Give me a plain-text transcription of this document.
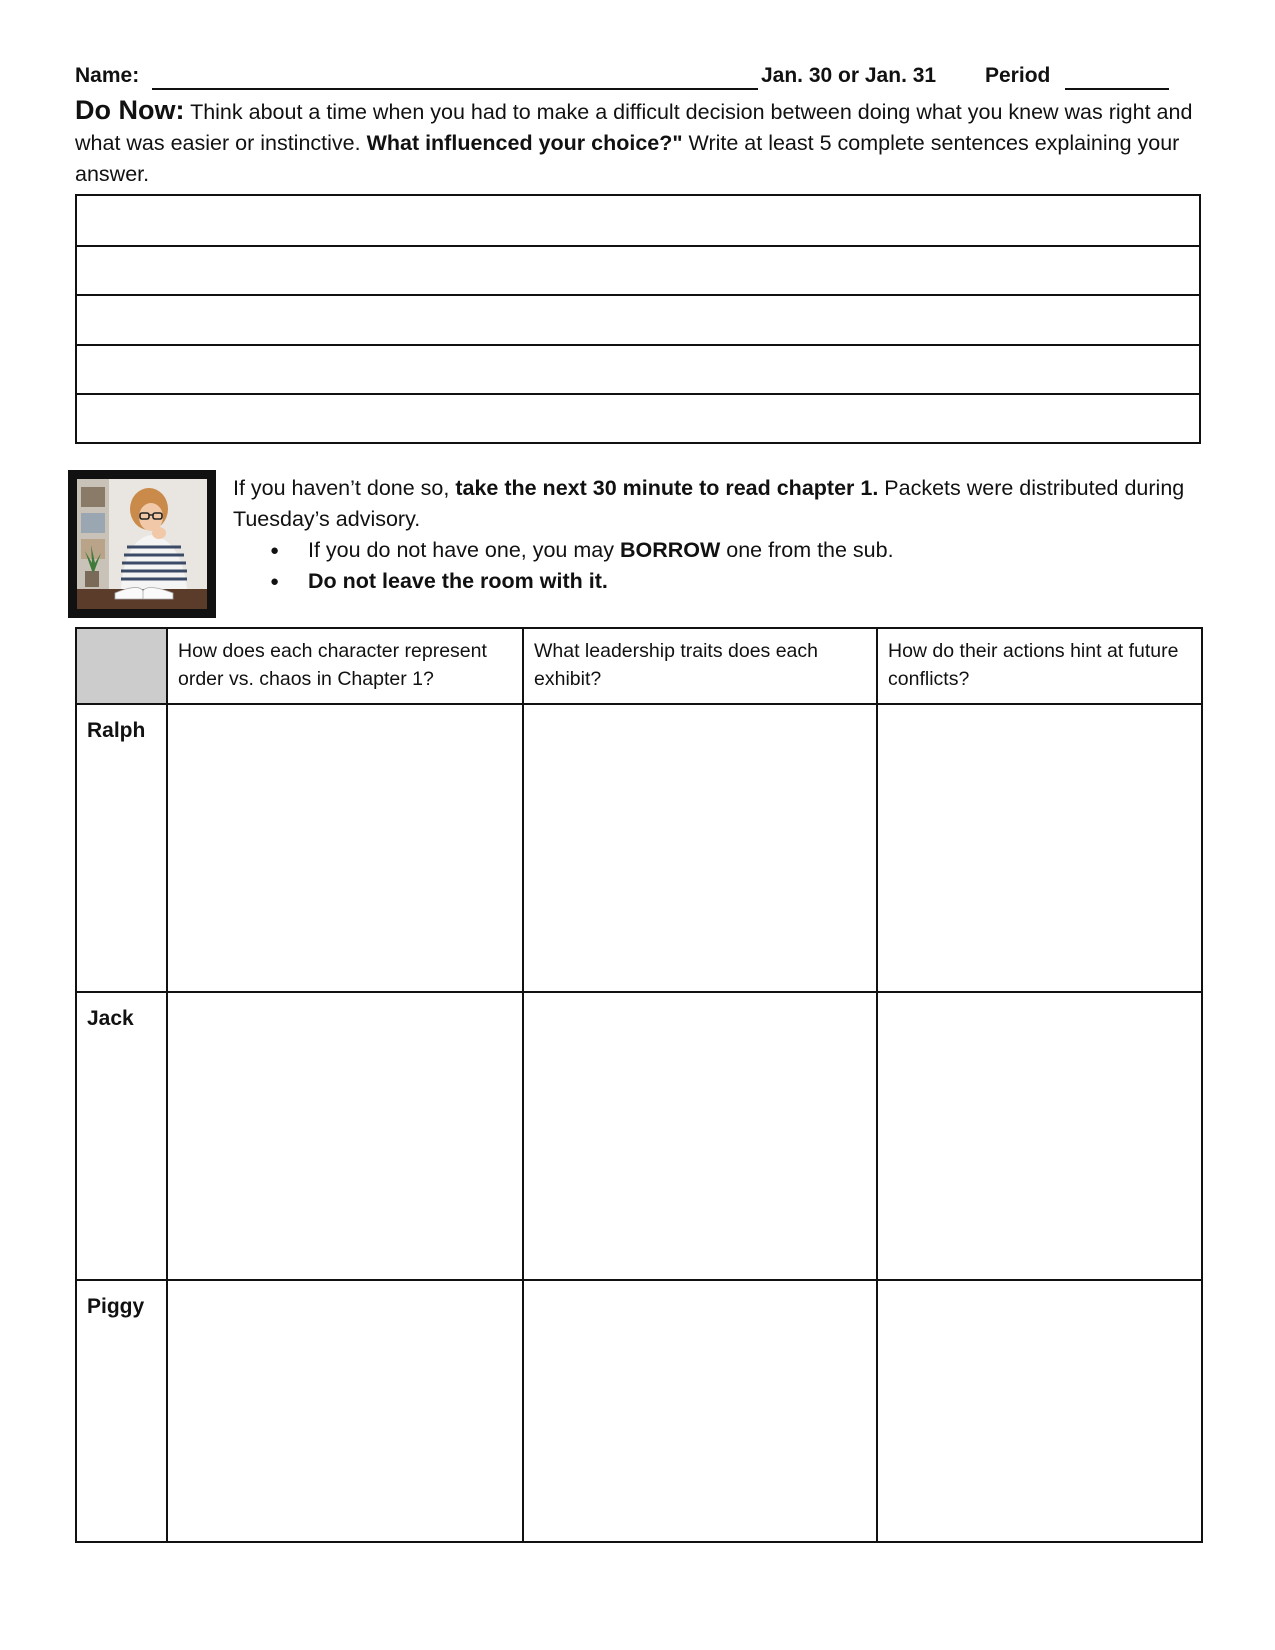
Name:	Jan. 30 or Jan. 31 Period

Do Now: Think about a time when you had to make a difficult decision between doing what you knew was right and what was easier or instinctive. What influenced your choice?" Write at least 5 complete sentences explaining your answer.

If you haven’t done so, take the next 30 minute to read chapter 1. Packets were distributed during Tuesday’s advisory.

● If you do not have one, you may BORROW one from the sub.
● Do not leave the room with it.
	How does each character represent order vs. chaos in Chapter 1?	What leadership traits does each exhibit?	How do their actions hint at future conflicts?
Ralph			
Jack			
Piggy			
